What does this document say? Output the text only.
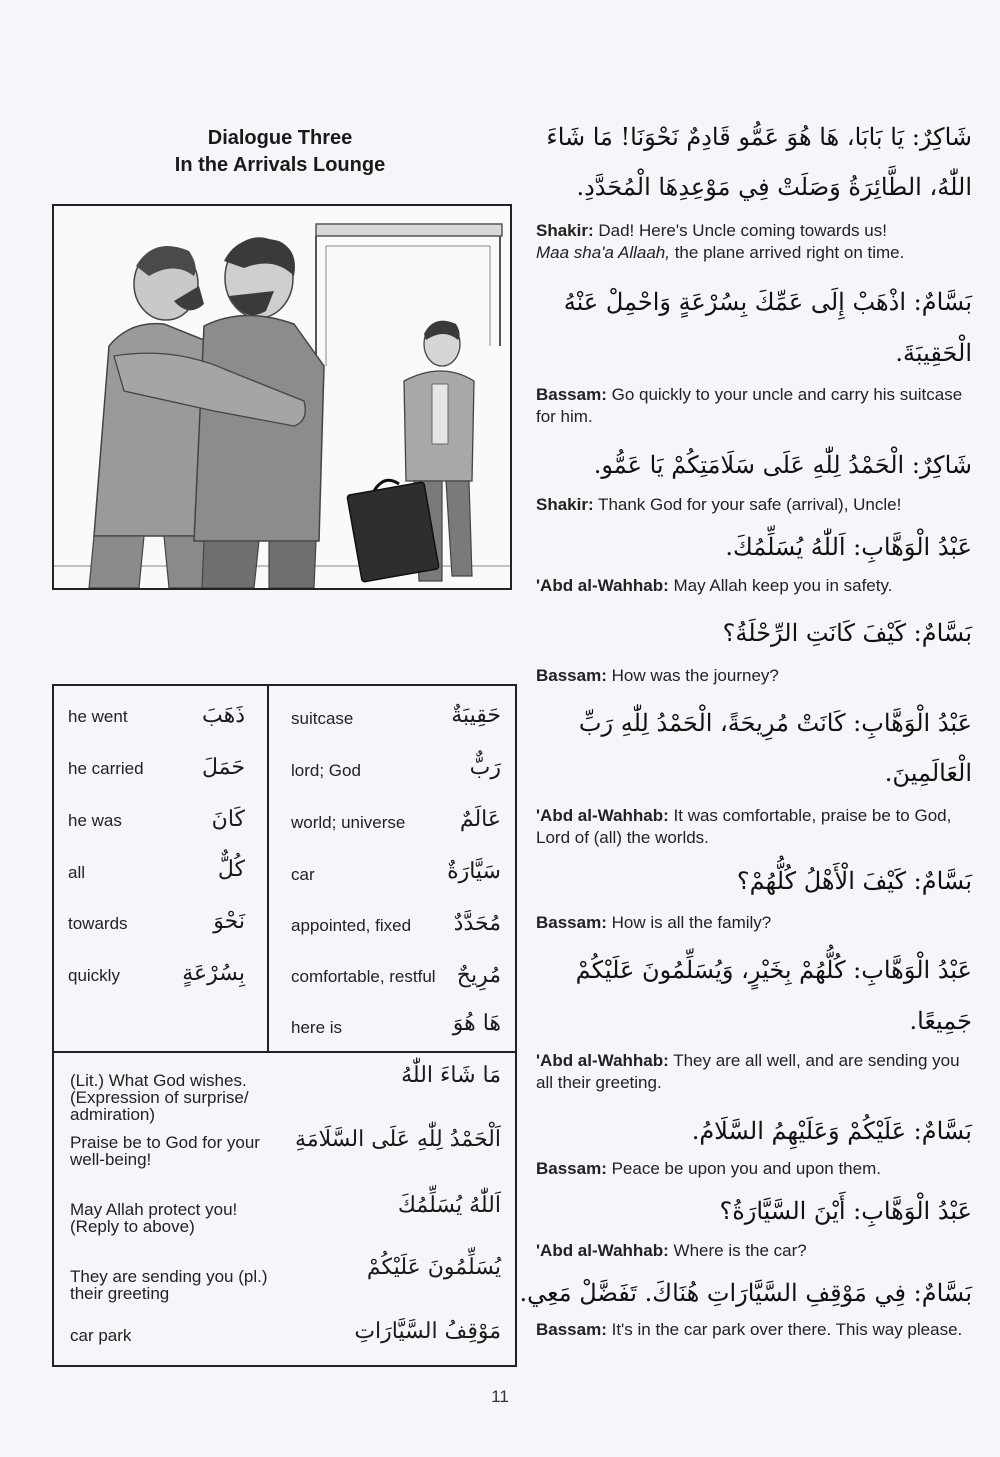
Dialogue Three
In the Arrivals Lounge
he went	ذَهَبَ
he carried	حَمَلَ
he was	كَانَ
all	كُلٌّ
towards	نَحْوَ
quickly	بِسُرْعَةٍ
suitcase	حَقِيبَةٌ
lord; God	رَبٌّ
world; universe عَالَمٌ
car	سَيَّارَةٌ
appointed, fixed مُحَدَّدٌ
comfortable, restful مُرِيحٌ
here is	هَا هُوَ
(Lit.) What God wishes. (Expression of surprise/ admiration)
مَا شَاءَ اللّٰهُ
Praise be to God for your well-being!
اَلْحَمْدُ لِلّٰهِ عَلَى السَّلَامَةِ
May Allah protect you! (Reply to above)
اَللّٰهُ يُسَلِّمُكَ
They are sending you (pl.) their greeting
يُسَلِّمُونَ عَلَيْكُمْ
car park	مَوْقِفُ السَّيَّارَاتِ
شَاكِرٌ: يَا بَابَا، هَا هُوَ عَمُّو قَادِمٌ نَحْوَنَا! مَا شَاءَ
اللّٰهُ، الطَّائِرَةُ وَصَلَتْ فِي مَوْعِدِهَا الْمُحَدَّدِ.
Shakir: Dad! Here's Uncle coming towards us!
Maa sha'a Allaah, the plane arrived right on time.
بَسَّامٌ: اذْهَبْ إِلَى عَمِّكَ بِسُرْعَةٍ وَاحْمِلْ عَنْهُ
الْحَقِيبَةَ.
Bassam: Go quickly to your uncle and carry his suitcase for him.
شَاكِرٌ: الْحَمْدُ لِلّٰهِ عَلَى سَلَامَتِكُمْ يَا عَمُّو.
Shakir: Thank God for your safe (arrival), Uncle!
عَبْدُ الْوَهَّابِ: اَللّٰهُ يُسَلِّمُكَ.
'Abd al-Wahhab: May Allah keep you in safety.
بَسَّامٌ: كَيْفَ كَانَتِ الرِّحْلَةُ؟
Bassam: How was the journey?
عَبْدُ الْوَهَّابِ: كَانَتْ مُرِيحَةً، الْحَمْدُ لِلّٰهِ رَبِّ
الْعَالَمِينَ.
'Abd al-Wahhab: It was comfortable, praise be to God, Lord of (all) the worlds.
بَسَّامٌ: كَيْفَ الْأَهْلُ كُلُّهُمْ؟
Bassam: How is all the family?
عَبْدُ الْوَهَّابِ: كُلُّهُمْ بِخَيْرٍ، وَيُسَلِّمُونَ عَلَيْكُمْ
جَمِيعًا.
'Abd al-Wahhab: They are all well, and are sending you all their greeting.
بَسَّامٌ: عَلَيْكُمْ وَعَلَيْهِمُ السَّلَامُ.
Bassam: Peace be upon you and upon them.
عَبْدُ الْوَهَّابِ: أَيْنَ السَّيَّارَةُ؟
'Abd al-Wahhab: Where is the car?
بَسَّامٌ: فِي مَوْقِفِ السَّيَّارَاتِ هُنَاكَ. تَفَضَّلْ مَعِي.
Bassam: It's in the car park over there. This way please.
11
